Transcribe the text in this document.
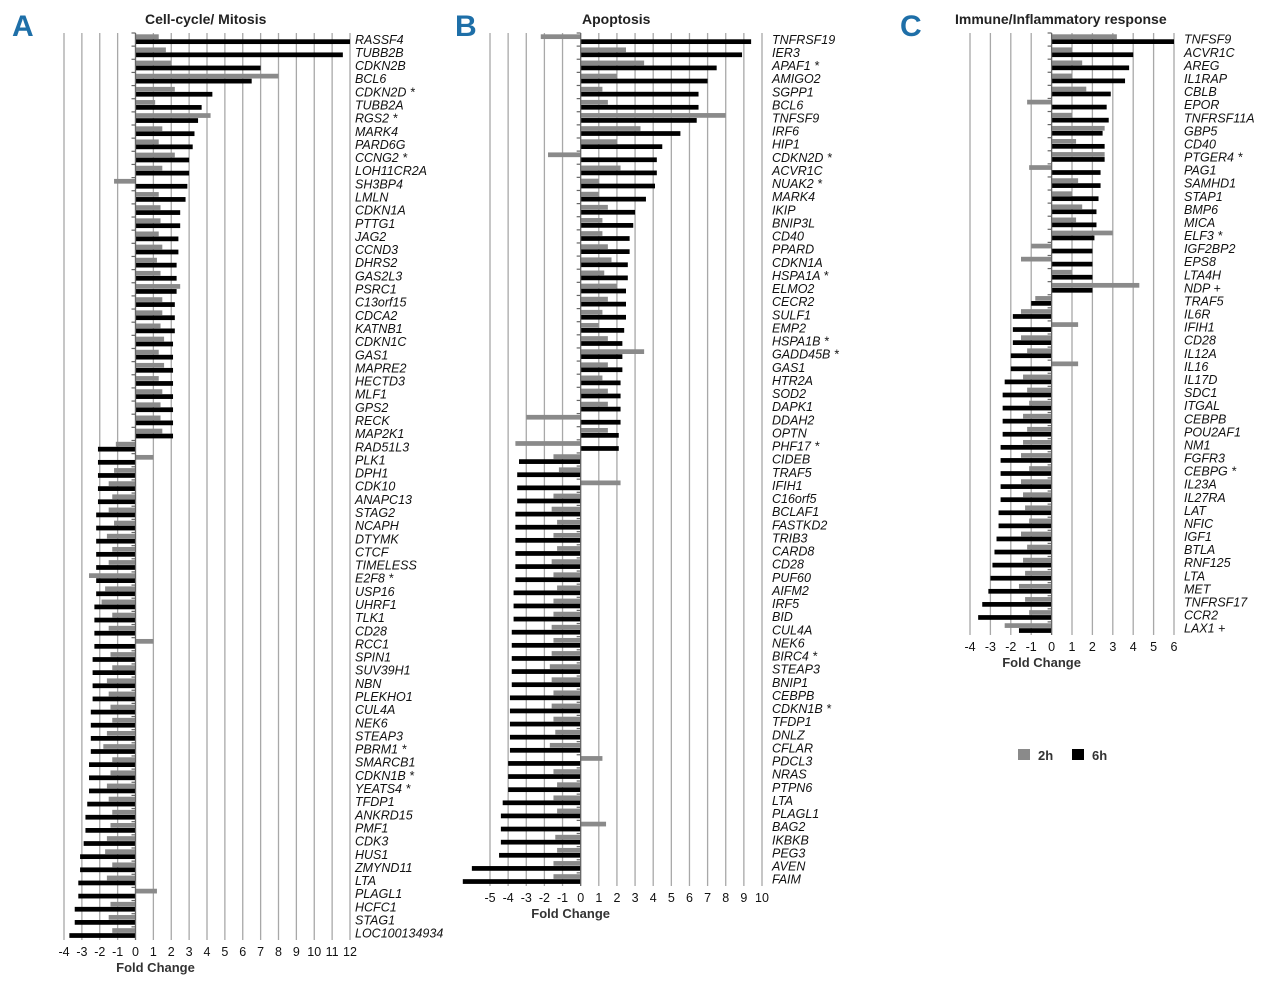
A	Cell-cycle/ Mitosis
RASSF4
TUBB2B
CDKN2B
BCL6
CDKN2D *
TUBB2A
RGS2 *
MARK4
PARD6G
CCNG2 *
LOH11CR2A
SH3BP4
LMLN
CDKN1A
PTTG1
JAG2
CCND3
DHRS2
GAS2L3
PSRC1
C13orf15
CDCA2
KATNB1
CDKN1C
GAS1
MAPRE2
HECTD3
MLF1
GPS2
RECK
MAP2K1
RAD51L3
PLK1
DPH1
CDK10
ANAPC13
STAG2
NCAPH
DTYMK
CTCF
TIMELESS
E2F8 *
USP16
UHRF1
TLK1
CD28
RCC1
SPIN1
SUV39H1
NBN
PLEKHO1
CUL4A
NEK6
STEAP3
PBRM1 *
SMARCB1
CDKN1B *
YEATS4 *
TFDP1
ANKRD15
PMF1
CDK3
HUS1
ZMYND11
LTA
PLAGL1
HCFC1
STAG1
LOC100134934
-4 -3 -2 -1 0 1 2 3 4 5 6 7 8 9 10 11 12
Fold Change
B	Apoptosis
TNFRSF19
IER3
APAF1 *
AMIGO2
SGPP1
BCL6
TNFSF9
IRF6
HIP1
CDKN2D *
ACVR1C
NUAK2 *
MARK4
IKIP
BNIP3L
CD40
PPARD
CDKN1A
HSPA1A *
ELMO2
CECR2
SULF1
EMP2
HSPA1B *
GADD45B *
GAS1
HTR2A
SOD2
DAPK1
DDAH2
OPTN
PHF17 *
CIDEB
TRAF5
IFIH1
C16orf5
BCLAF1
FASTKD2
TRIB3
CARD8
CD28
PUF60
AIFM2
IRF5
BID
CUL4A
NEK6
BIRC4 *
STEAP3
BNIP1
CEBPB
CDKN1B *
TFDP1
DNLZ
CFLAR
PDCL3
NRAS
PTPN6
LTA
PLAGL1
BAG2
IKBKB
PEG3
AVEN
FAIM
-5 -4 -3 -2 -1 0 1 2 3 4 5 6 7 8 9 10
Fold Change
C Immune/Inflammatory response
TNFSF9
ACVR1C
AREG
IL1RAP
CBLB
EPOR
TNFRSF11A
GBP5
CD40
PTGER4 *
PAG1
SAMHD1
STAP1
BMP6
MICA
ELF3 *
IGF2BP2
EPS8
LTA4H
NDP +
TRAF5
IL6R
IFIH1
CD28
IL12A
IL16
IL17D
SDC1
ITGAL
CEBPB
POU2AF1
NM1
FGFR3
CEBPG *
IL23A
IL27RA
LAT
NFIC
IGF1
BTLA
RNF125
LTA
MET
TNFRSF17
CCR2
LAX1 +
-4 -3 -2 -1 0 1 2 3 4 5 6
Fold Change
2h	6h
